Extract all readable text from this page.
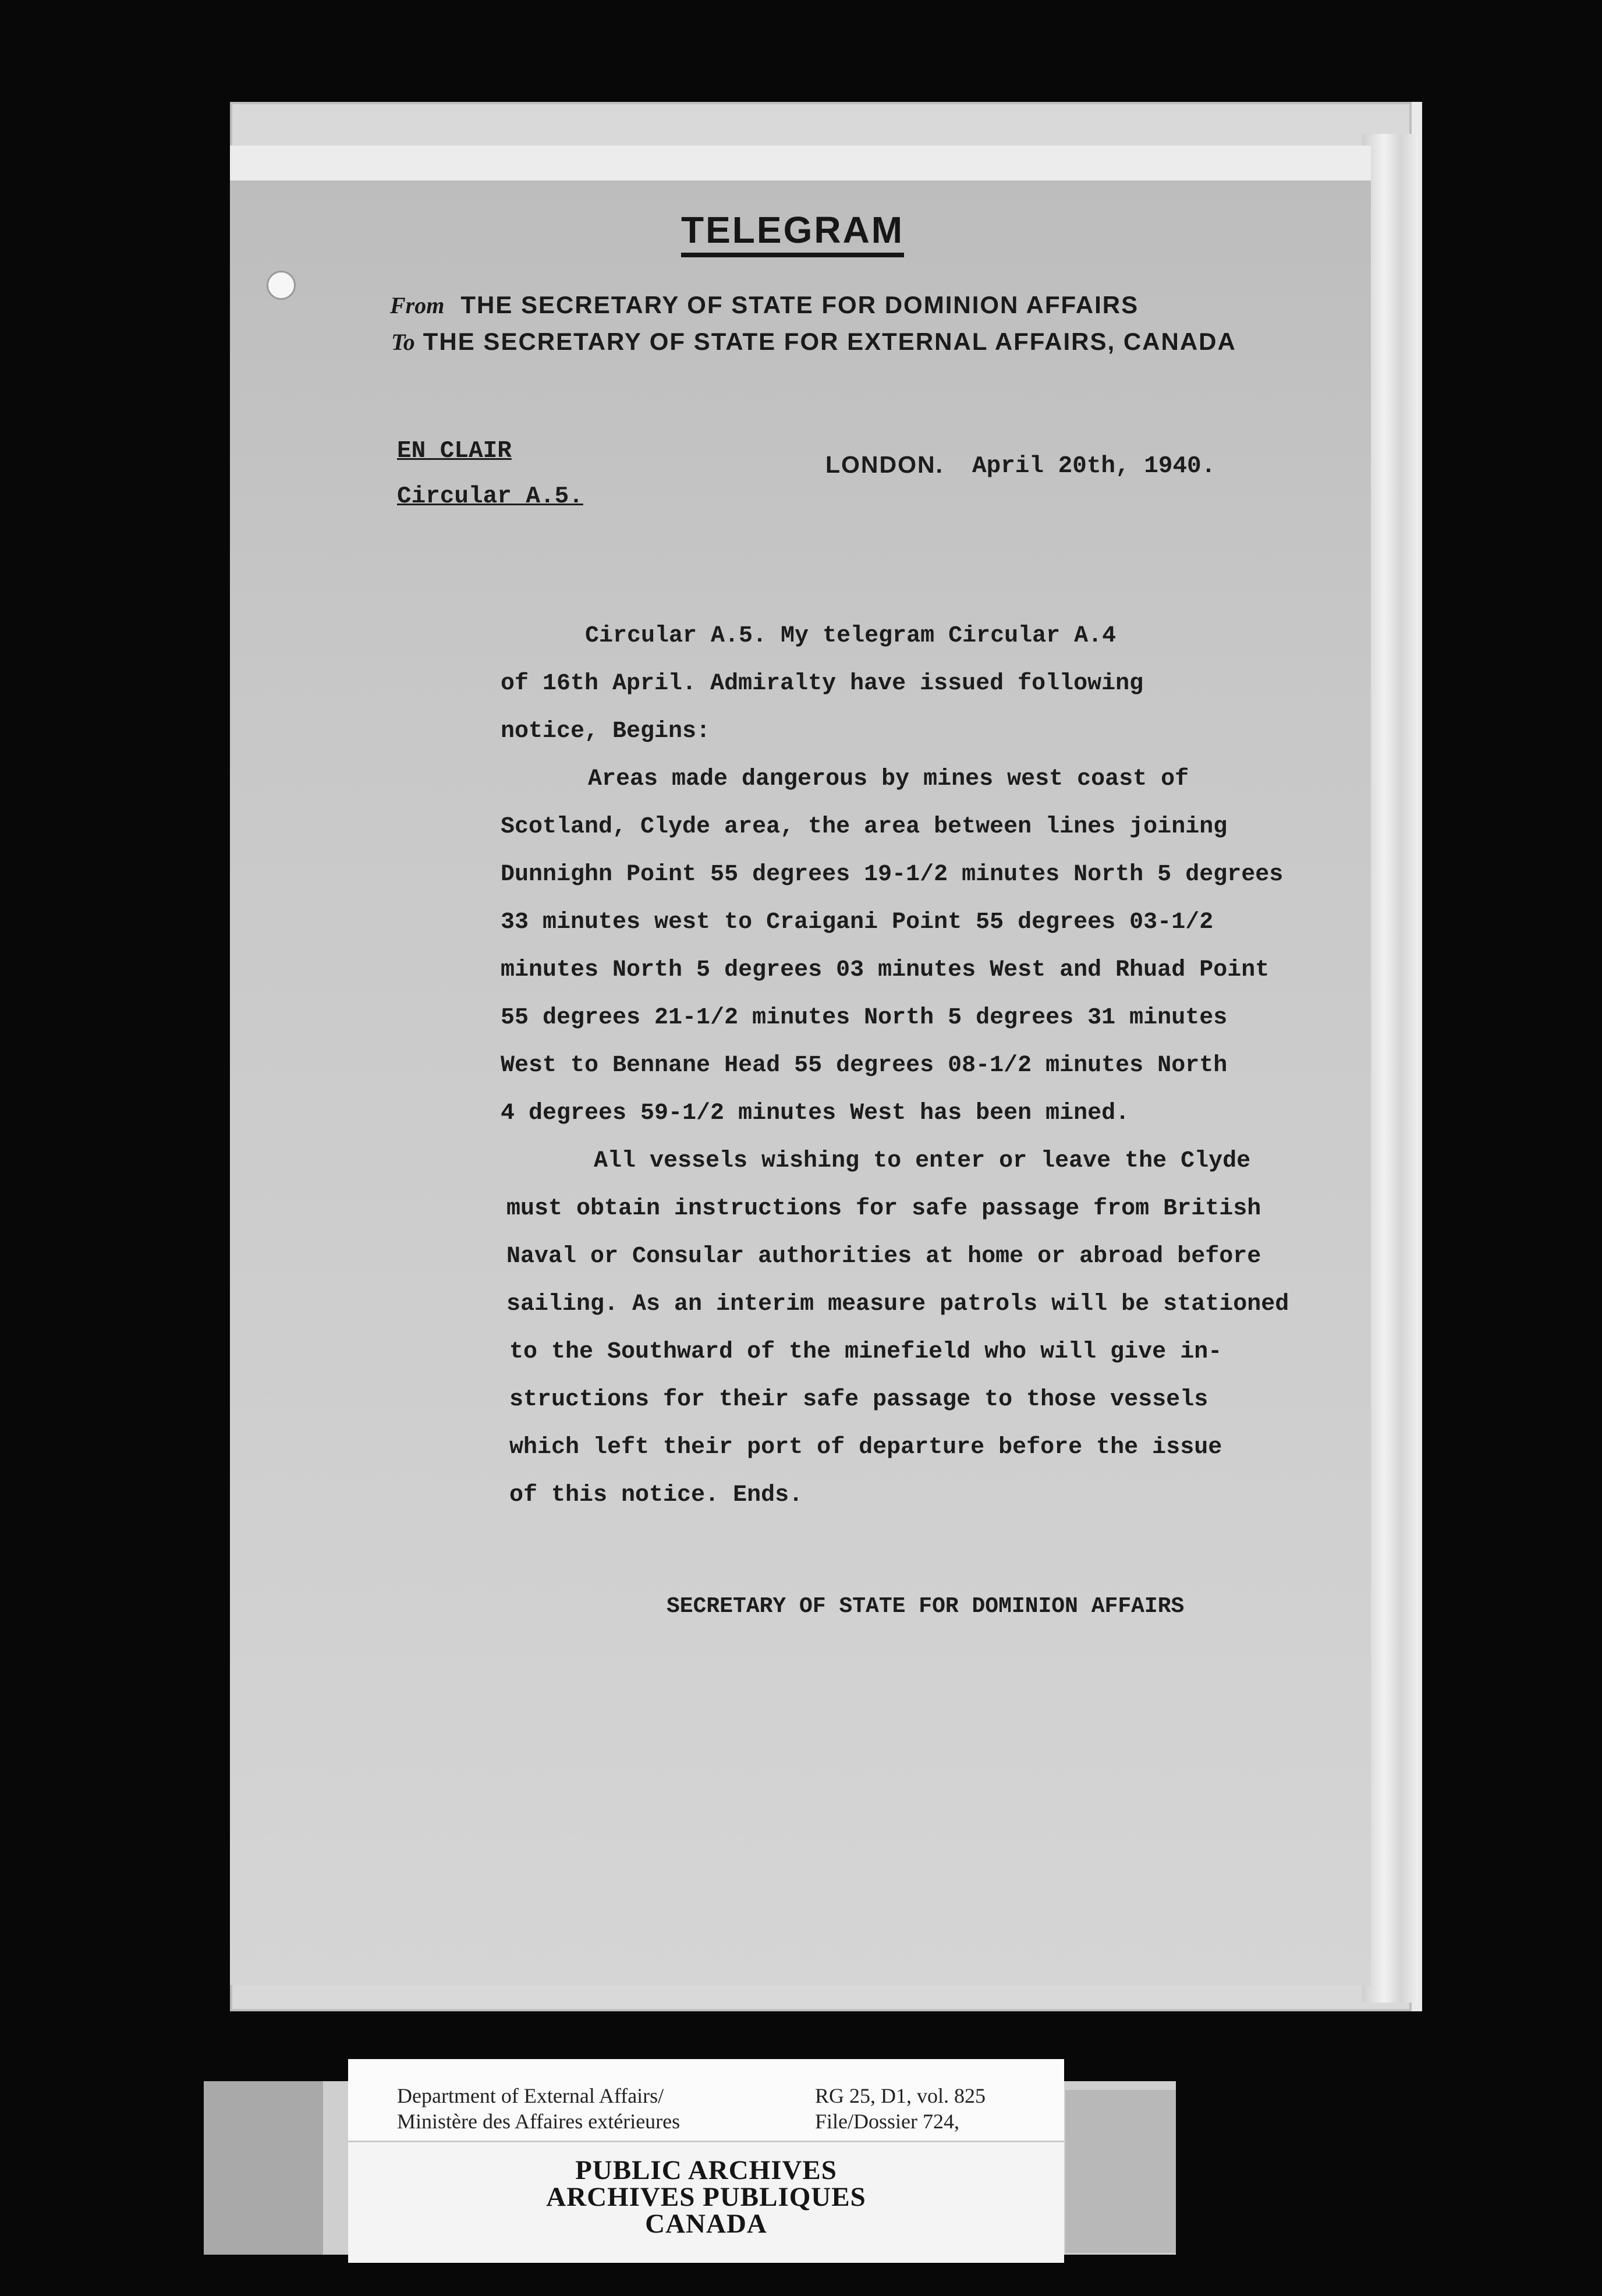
TELEGRAM
From THE SECRETARY OF STATE FOR DOMINION AFFAIRS
To THE SECRETARY OF STATE FOR EXTERNAL AFFAIRS, CANADA
EN CLAIR
Circular A.5.
LONDON. April 20th, 1940.
Circular A.5. My telegram Circular A.4
of 16th April. Admiralty have issued following
notice, Begins:
Areas made dangerous by mines west coast of
Scotland, Clyde area, the area between lines joining
Dunnighn Point 55 degrees 19-1/2 minutes North 5 degrees
33 minutes west to Craigani Point 55 degrees 03-1/2
minutes North 5 degrees 03 minutes West and Rhuad Point
55 degrees 21-1/2 minutes North 5 degrees 31 minutes
West to Bennane Head 55 degrees 08-1/2 minutes North
4 degrees 59-1/2 minutes West has been mined.
All vessels wishing to enter or leave the Clyde
must obtain instructions for safe passage from British
Naval or Consular authorities at home or abroad before
sailing. As an interim measure patrols will be stationed
to the Southward of the minefield who will give in-
structions for their safe passage to those vessels
which left their port of departure before the issue
of this notice. Ends.
SECRETARY OF STATE FOR DOMINION AFFAIRS
Department of External Affairs/
Ministère des Affaires extérieures
RG 25, D1, vol. 825
File/Dossier 724,
PUBLIC ARCHIVES
ARCHIVES PUBLIQUES
CANADA
